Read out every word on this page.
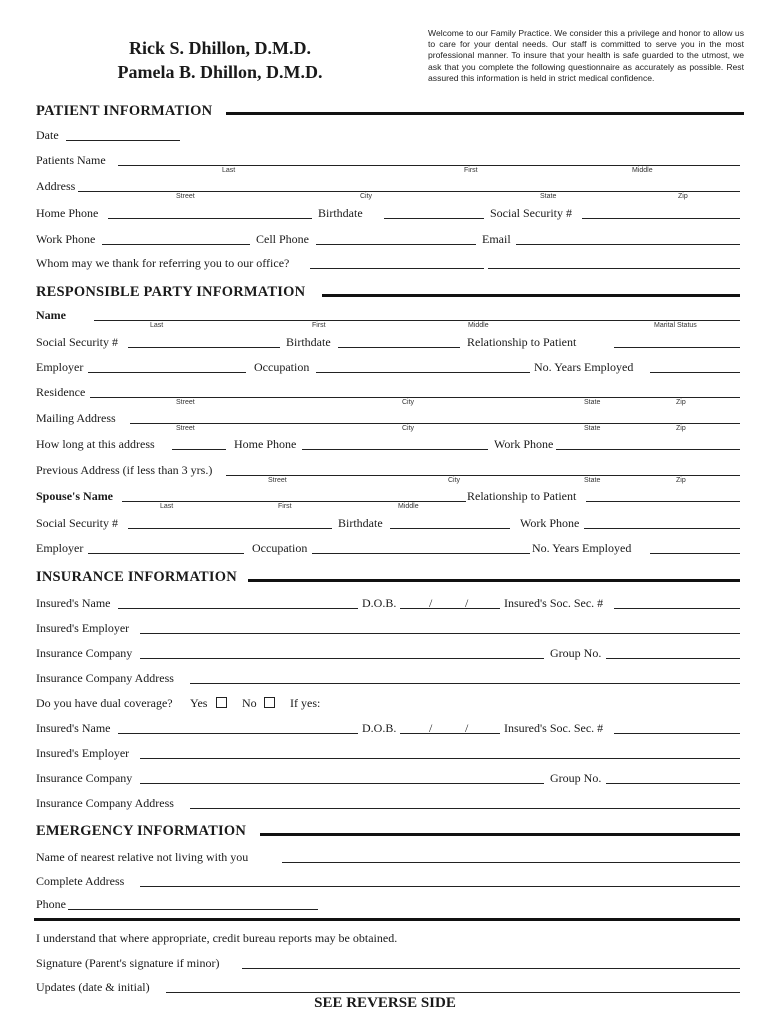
Rick S. Dhillon, D.M.D.
Pamela B. Dhillon, D.M.D.
Welcome to our Family Practice. We consider this a privilege and honor to allow us to care for your dental needs. Our staff is committed to serve you in the most professional manner. To insure that your health is safe guarded to the utmost, we ask that you complete the following questionnaire as accurately as possible. Rest assured this information is held in strict medical confidence.
PATIENT INFORMATION
Date
Patients Name
Last	First	Middle
Address
Street	City	State	Zip
Home Phone	Birthdate	Social Security #
Work Phone	Cell Phone	Email
Whom may we thank for referring you to our office?
RESPONSIBLE PARTY INFORMATION
Name
Last	First	Middle	Marital Status
Social Security #	Birthdate	Relationship to Patient
Employer	Occupation	No. Years Employed
Residence
Street	City	State	Zip
Mailing Address
Street	City	State	Zip
How long at this address	Home Phone	Work Phone
Previous Address (if less than 3 yrs.)
Street	City	State	Zip
Spouse's Name
Last	First	Middle
Relationship to Patient
Social Security #	Birthdate	Work Phone
Employer	Occupation	No. Years Employed
INSURANCE INFORMATION
Insured's Name	D.O.B.	/	/	Insured's Soc. Sec. #
Insured's Employer
Insurance Company	Group No.
Insurance Company Address
Do you have dual coverage? Yes	No	If yes:
Insured's Name	D.O.B.	/	/	Insured's Soc. Sec. #
Insured's Employer
Insurance Company	Group No.
Insurance Company Address
EMERGENCY INFORMATION
Name of nearest relative not living with you
Complete Address
Phone
I understand that where appropriate, credit bureau reports may be obtained.
Signature (Parent's signature if minor)
Updates (date & initial)
SEE REVERSE SIDE
